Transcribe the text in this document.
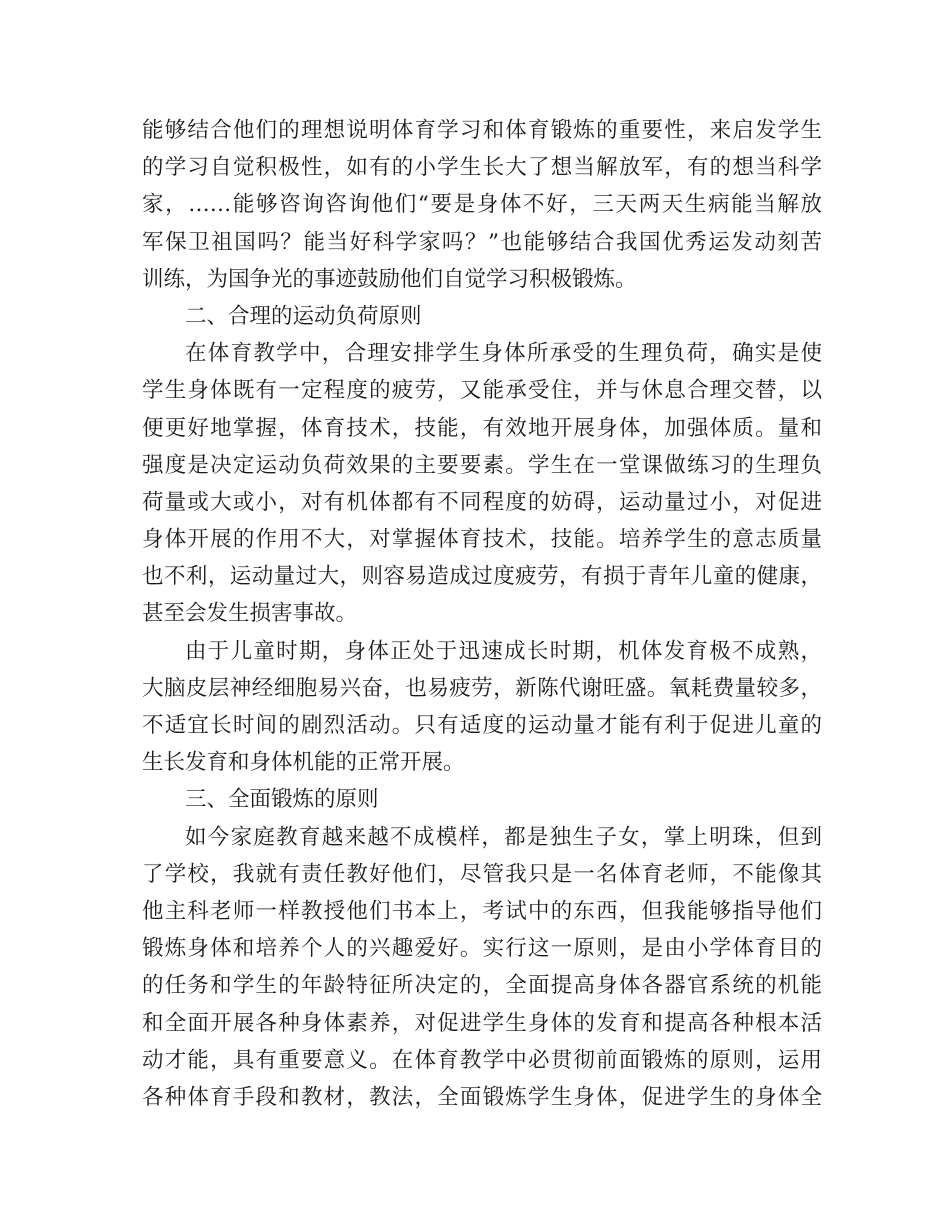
能够结合他们的理想说明体育学习和体育锻炼的重要性，来启发学生
的学习自觉积极性，如有的小学生长大了想当解放军，有的想当科学
家，……能够咨询咨询他们“要是身体不好，三天两天生病能当解放
军保卫祖国吗？能当好科学家吗？”也能够结合我国优秀运发动刻苦
训练，为国争光的事迹鼓励他们自觉学习积极锻炼。
二、合理的运动负荷原则
在体育教学中，合理安排学生身体所承受的生理负荷，确实是使
学生身体既有一定程度的疲劳，又能承受住，并与休息合理交替，以
便更好地掌握，体育技术，技能，有效地开展身体，加强体质。量和
强度是决定运动负荷效果的主要要素。学生在一堂课做练习的生理负
荷量或大或小，对有机体都有不同程度的妨碍，运动量过小，对促进
身体开展的作用不大，对掌握体育技术，技能。培养学生的意志质量
也不利，运动量过大，则容易造成过度疲劳，有损于青年儿童的健康，
甚至会发生损害事故。
由于儿童时期，身体正处于迅速成长时期，机体发育极不成熟，
大脑皮层神经细胞易兴奋，也易疲劳，新陈代谢旺盛。氧耗费量较多，
不适宜长时间的剧烈活动。只有适度的运动量才能有利于促进儿童的
生长发育和身体机能的正常开展。
三、全面锻炼的原则
如今家庭教育越来越不成模样，都是独生子女，掌上明珠，但到
了学校，我就有责任教好他们，尽管我只是一名体育老师，不能像其
他主科老师一样教授他们书本上，考试中的东西，但我能够指导他们
锻炼身体和培养个人的兴趣爱好。实行这一原则，是由小学体育目的
的任务和学生的年龄特征所决定的，全面提高身体各器官系统的机能
和全面开展各种身体素养，对促进学生身体的发育和提高各种根本活
动才能，具有重要意义。在体育教学中必贯彻前面锻炼的原则，运用
各种体育手段和教材，教法，全面锻炼学生身体，促进学生的身体全
